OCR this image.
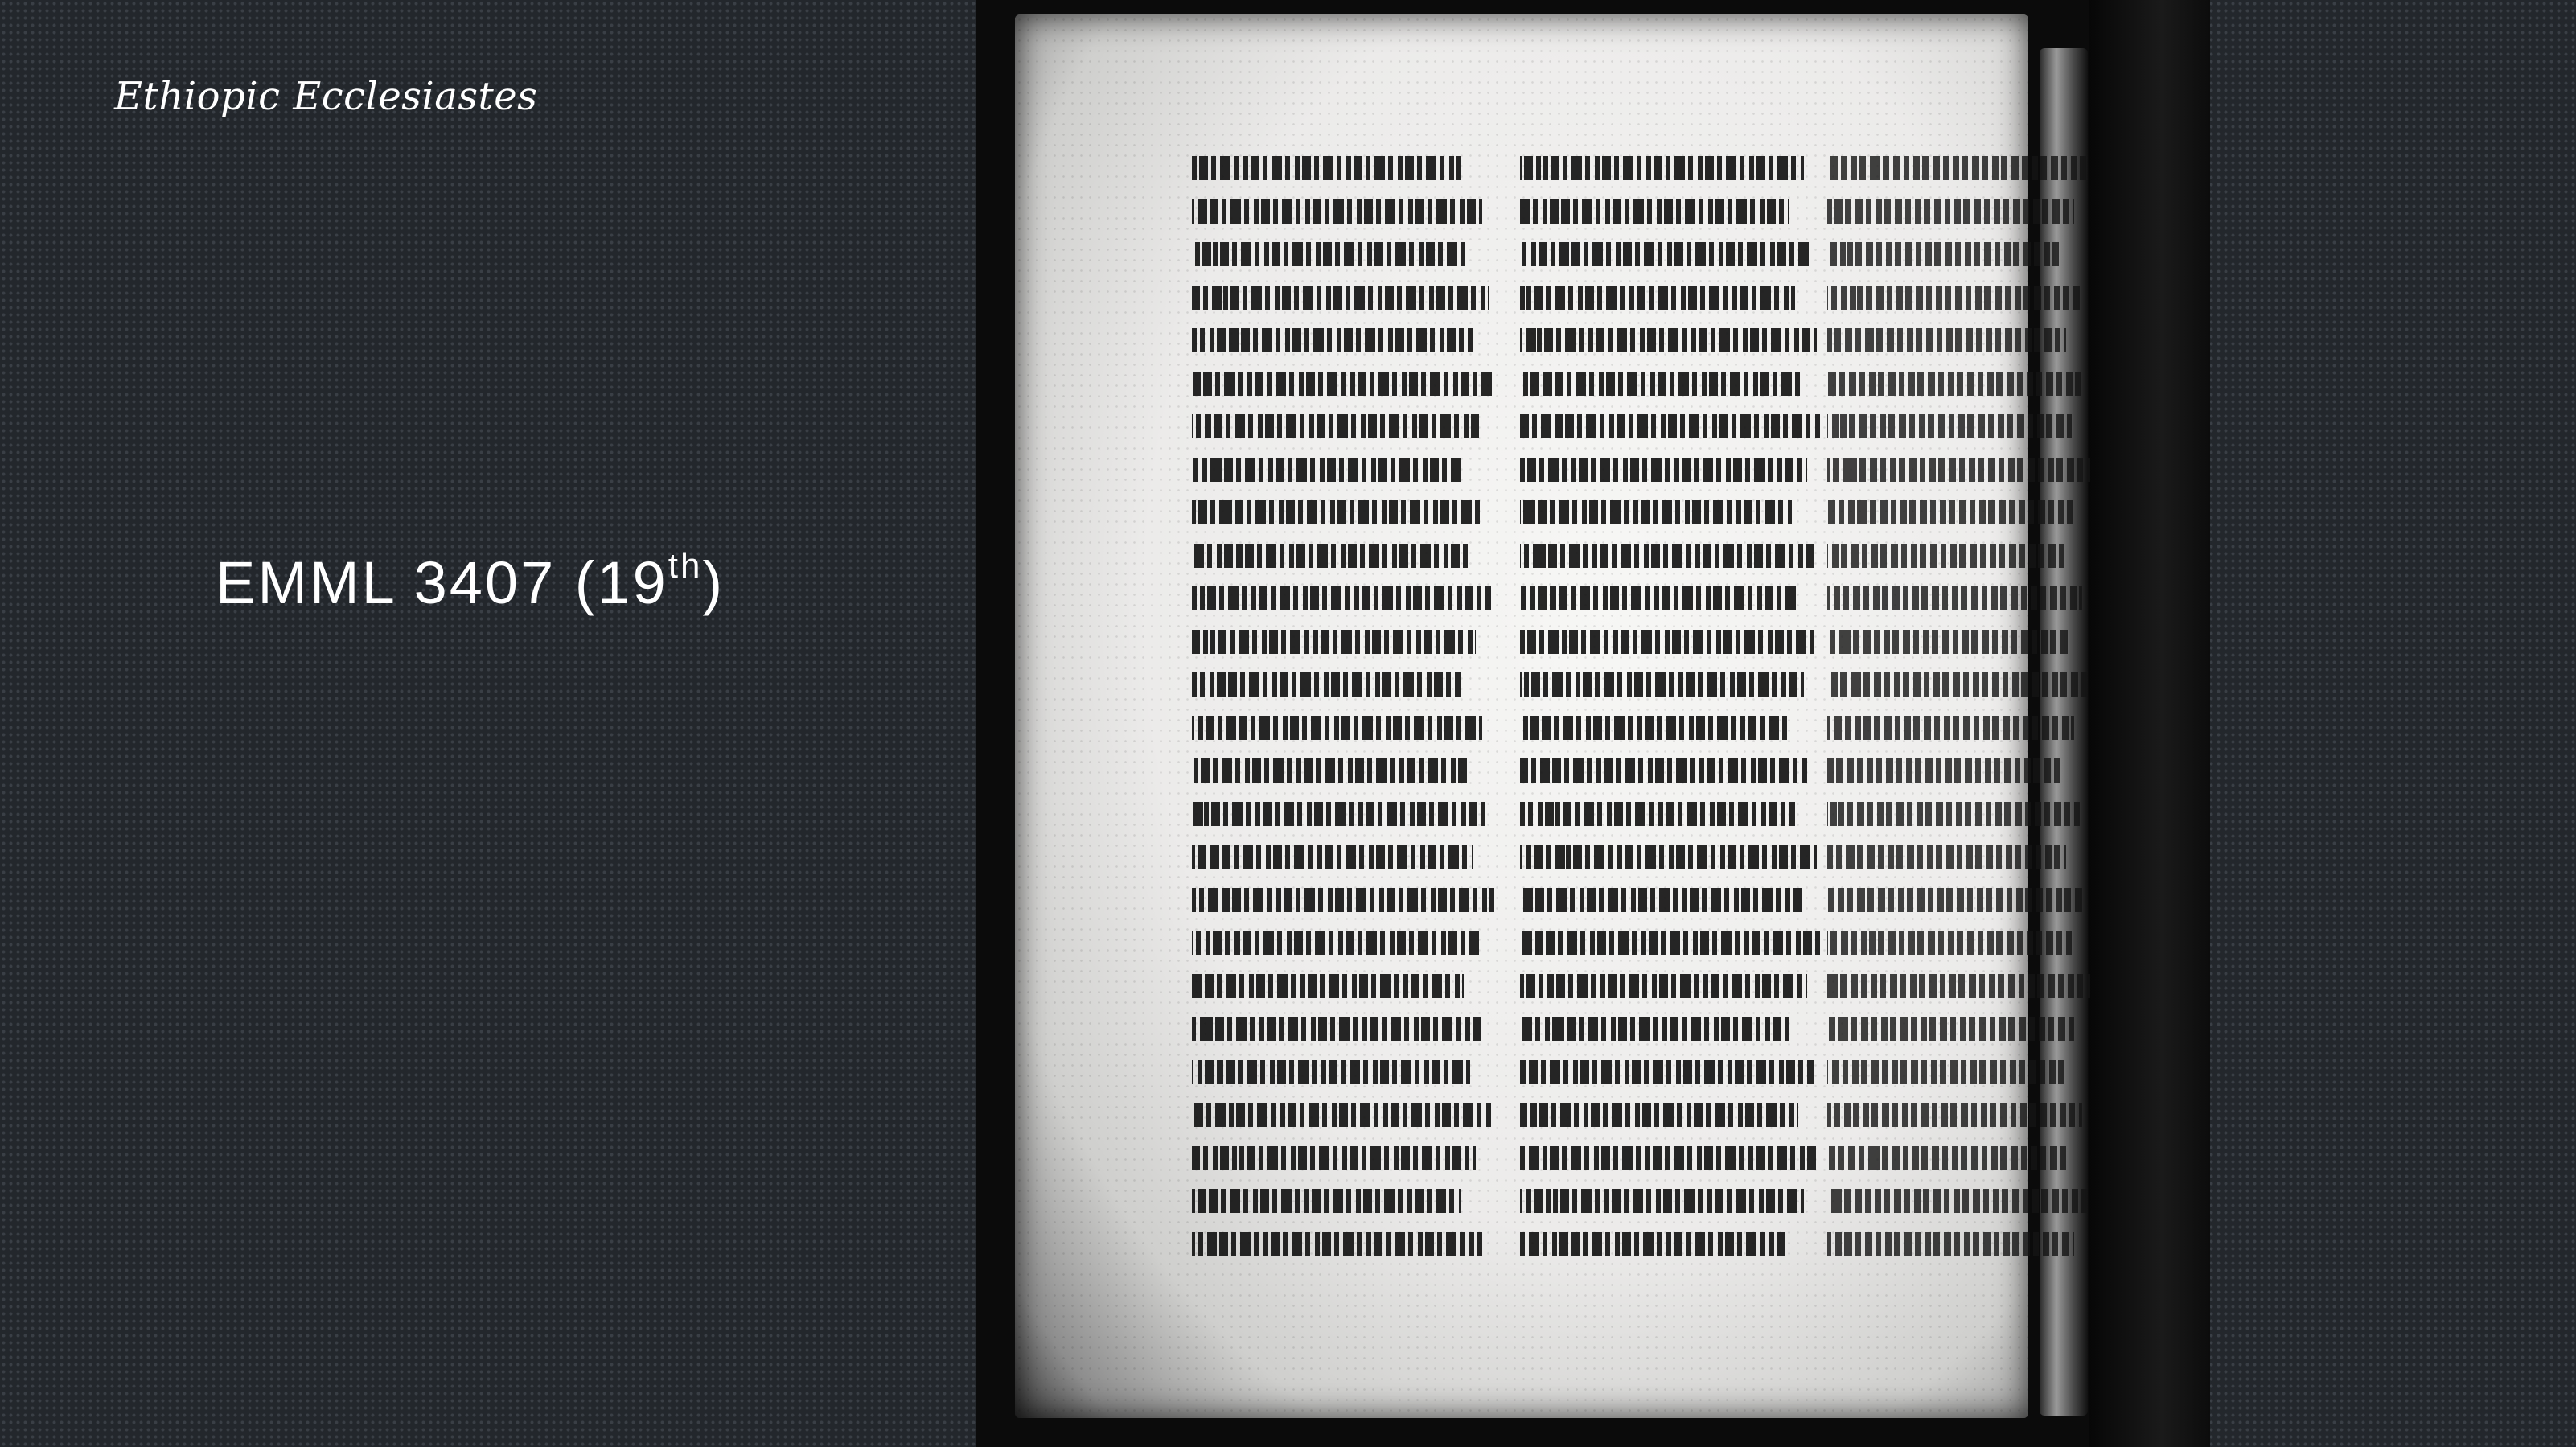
Ethiopic Ecclesiastes
EMML 3407 (19th)
